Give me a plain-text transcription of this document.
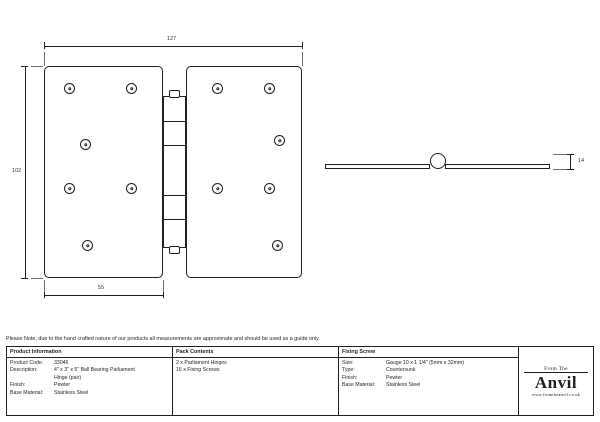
127
102
55
14
Please Note, due to the hand crafted nature of our products all measurements are approximate and should be used as a guide only.
Product Information
Product Code:	33046
Description:	4" x 3" x 5" Ball Bearing Parliament
Hinge (pair)
Finish:	Pewter
Base Material:	Stainless Steel
Pack Contents
2 x Parliament Hinges
16 x Fixing Screws
Fixing Screw
Size:	Gauge 10 x 1 1/4" (5mm x 32mm)
Type:	Countersunk
Finish:	Pewter
Base Material:	Stainless Steel
From The
Anvil
www.fromtheanvil.co.uk
